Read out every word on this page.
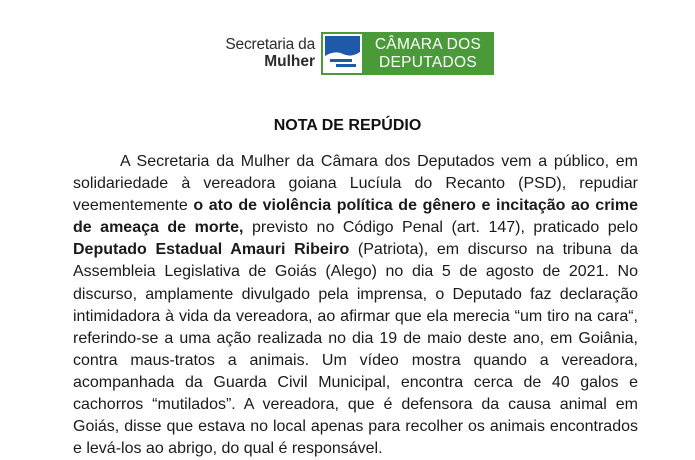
Secretaria da
Mulher
CÂMARA DOS
DEPUTADOS
NOTA DE REPÚDIO

A Secretaria da Mulher da Câmara dos Deputados vem a público, em solidariedade à vereadora goiana Lucíula do Recanto (PSD), repudiar veementemente o ato de violência política de gênero e incitação ao crime de ameaça de morte, previsto no Código Penal (art. 147), praticado pelo Deputado Estadual Amauri Ribeiro (Patriota), em discurso na tribuna da Assembleia Legislativa de Goiás (Alego) no dia 5 de agosto de 2021. No discurso, amplamente divulgado pela imprensa, o Deputado faz declaração intimidadora à vida da vereadora, ao afirmar que ela merecia “um tiro na cara“, referindo-se a uma ação realizada no dia 19 de maio deste ano, em Goiânia, contra maus-tratos a animais. Um vídeo mostra quando a vereadora, acompanhada da Guarda Civil Municipal, encontra cerca de 40 galos e cachorros “mutilados”. A vereadora, que é defensora da causa animal em Goiás, disse que estava no local apenas para recolher os animais encontrados e levá-los ao abrigo, do qual é responsável.
